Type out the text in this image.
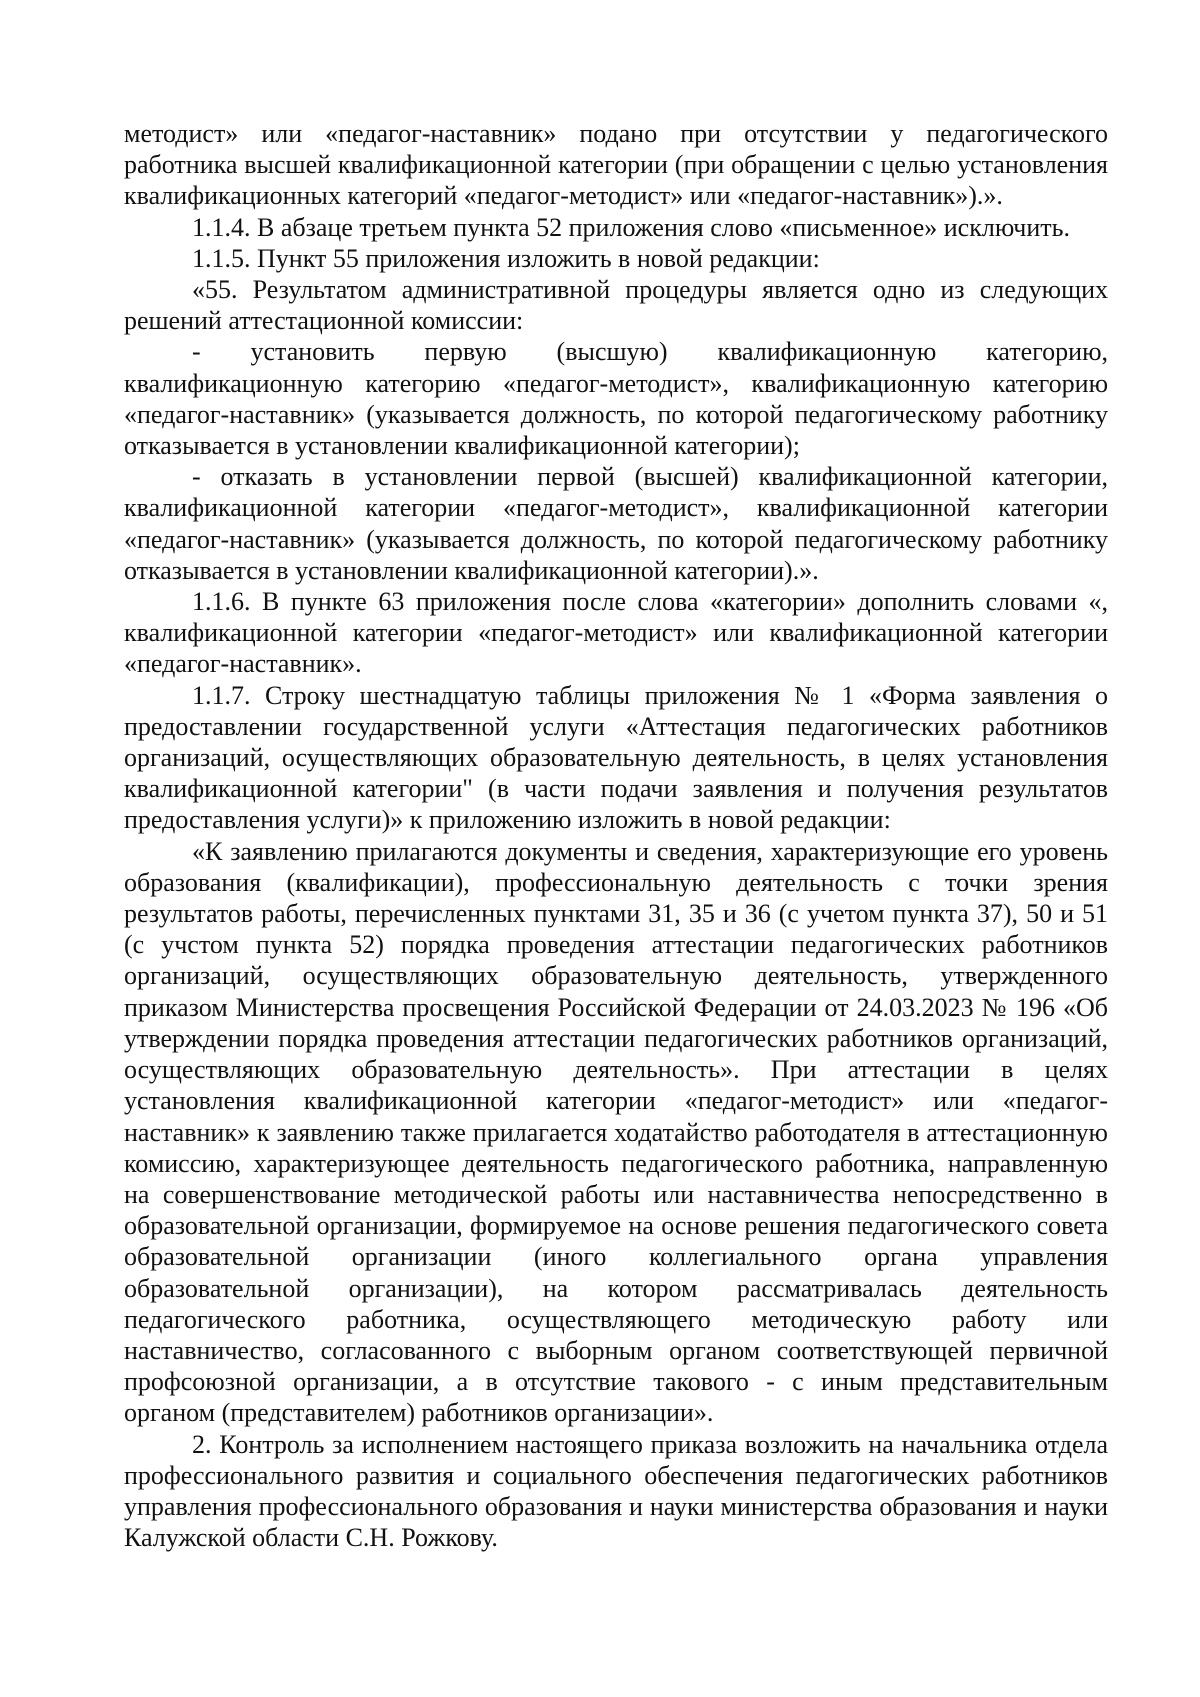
методист» или «педагог-наставник» подано при отсутствии у педагогического работника высшей квалификационной категории (при обращении с целью установления квалификационных категорий «педагог-методист» или «педагог-наставник»).».

1.1.4. В абзаце третьем пункта 52 приложения слово «письменное» исключить.

1.1.5. Пункт 55 приложения изложить в новой редакции:

«55. Результатом административной процедуры является одно из следующих решений аттестационной комиссии:

- установить первую (высшую) квалификационную категорию, квалификационную категорию «педагог-методист», квалификационную категорию «педагог-наставник» (указывается должность, по которой педагогическому работнику отказывается в установлении квалификационной категории);

- отказать в установлении первой (высшей) квалификационной категории, квалификационной категории «педагог-методист», квалификационной категории «педагог-наставник» (указывается должность, по которой педагогическому работнику отказывается в установлении квалификационной категории).».

1.1.6. В пункте 63 приложения после слова «категории» дополнить словами «, квалификационной категории «педагог-методист» или квалификационной категории «педагог-наставник».

1.1.7. Строку шестнадцатую таблицы приложения № 1 «Форма заявления о предоставлении государственной услуги «Аттестация педагогических работников организаций, осуществляющих образовательную деятельность, в целях установления квалификационной категории" (в части подачи заявления и получения результатов предоставления услуги)» к приложению изложить в новой редакции:

«К заявлению прилагаются документы и сведения, характеризующие его уровень образования (квалификации), профессиональную деятельность с точки зрения результатов работы, перечисленных пунктами 31, 35 и 36 (с учетом пункта 37), 50 и 51 (с учстом пункта 52) порядка проведения аттестации педагогических работников организаций, осуществляющих образовательную деятельность, утвержденного приказом Министерства просвещения Российской Федерации от 24.03.2023 № 196 «Об утверждении порядка проведения аттестации педагогических работников организаций, осуществляющих образовательную деятельность». При аттестации в целях установления квалификационной категории «педагог-методист» или «педагог-наставник» к заявлению также прилагается ходатайство работодателя в аттестационную комиссию, характеризующее деятельность педагогического работника, направленную на совершенствование методической работы или наставничества непосредственно в образовательной организации, формируемое на основе решения педагогического совета образовательной организации (иного коллегиального органа управления образовательной организации), на котором рассматривалась деятельность педагогического работника, осуществляющего методическую работу или наставничество, согласованного с выборным органом соответствующей первичной профсоюзной организации, а в отсутствие такового - с иным представительным органом (представителем) работников организации».

2. Контроль за исполнением настоящего приказа возложить на начальника отдела профессионального развития и социального обеспечения педагогических работников управления профессионального образования и науки министерства образования и науки Калужской области С.Н. Рожкову.
